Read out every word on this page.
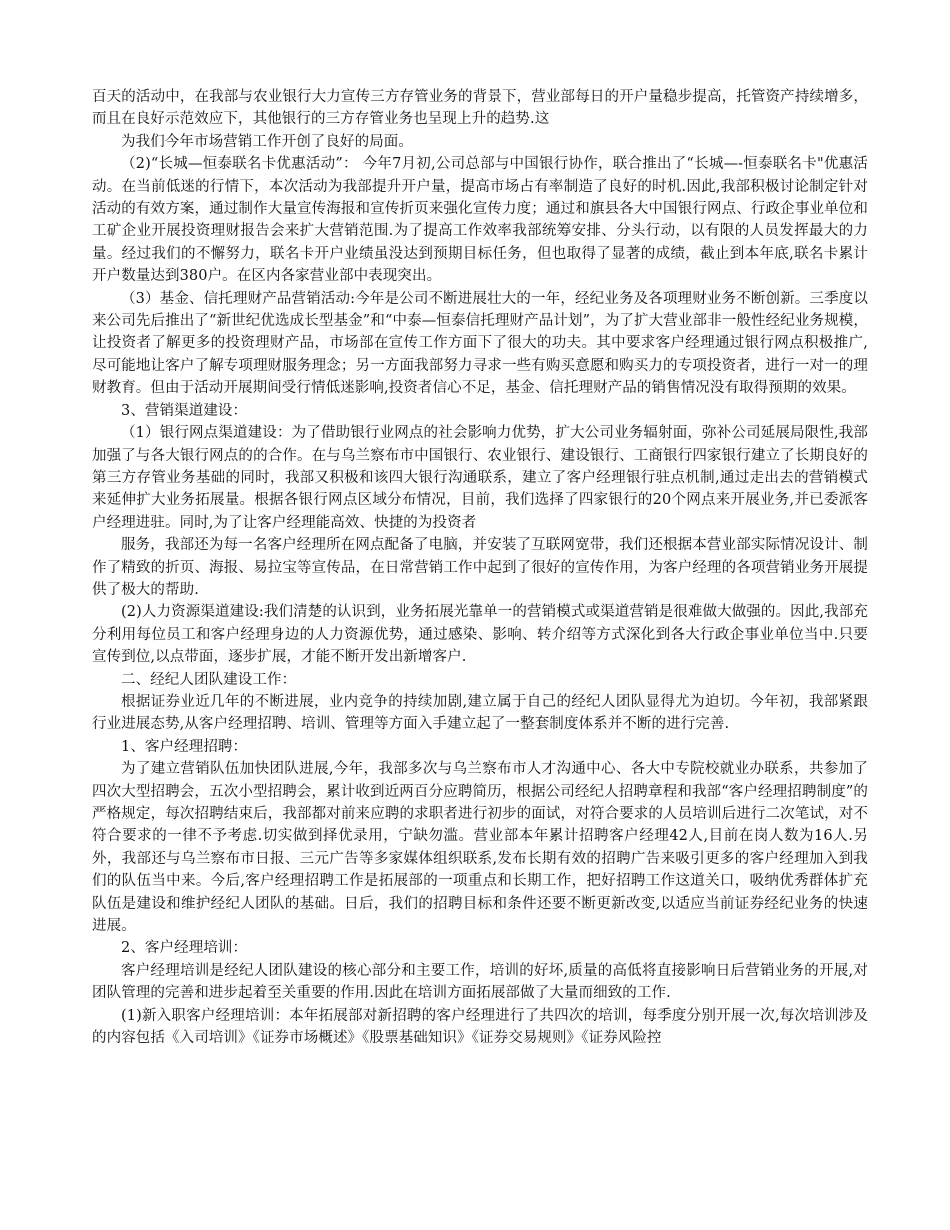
百天的活动中，在我部与农业银行大力宣传三方存管业务的背景下，营业部每日的开户量稳步提高，托管资产持续增多，而且在良好示范效应下，其他银行的三方存管业务也呈现上升的趋势.这

为我们今年市场营销工作开创了良好的局面。

（2)“长城—恒泰联名卡优惠活动”： 今年7月初,公司总部与中国银行协作，联合推出了“长城—-恒泰联名卡"优惠活动。在当前低迷的行情下，本次活动为我部提升开户量，提高市场占有率制造了良好的时机.因此,我部积极讨论制定针对活动的有效方案，通过制作大量宣传海报和宣传折页来强化宣传力度；通过和旗县各大中国银行网点、行政企事业单位和工矿企业开展投资理财报告会来扩大营销范围.为了提高工作效率我部统筹安排、分头行动，以有限的人员发挥最大的力量。经过我们的不懈努力，联名卡开户业绩虽没达到预期目标任务，但也取得了显著的成绩，截止到本年底,联名卡累计开户数量达到380户。在区内各家营业部中表现突出。

（3）基金、信托理财产品营销活动:今年是公司不断进展壮大的一年，经纪业务及各项理财业务不断创新。三季度以来公司先后推出了“新世纪优选成长型基金”和“中泰—恒泰信托理财产品计划”，为了扩大营业部非一般性经纪业务规模，让投资者了解更多的投资理财产品，市场部在宣传工作方面下了很大的功夫。其中要求客户经理通过银行网点积极推广,尽可能地让客户了解专项理财服务理念；另一方面我部努力寻求一些有购买意愿和购买力的专项投资者，进行一对一的理财教育。但由于活动开展期间受行情低迷影响,投资者信心不足，基金、信托理财产品的销售情况没有取得预期的效果。

3、营销渠道建设：

（1）银行网点渠道建设：为了借助银行业网点的社会影响力优势，扩大公司业务辐射面，弥补公司延展局限性,我部加强了与各大银行网点的的合作。在与乌兰察布市中国银行、农业银行、建设银行、工商银行四家银行建立了长期良好的第三方存管业务基础的同时，我部又积极和该四大银行沟通联系，建立了客户经理银行驻点机制,通过走出去的营销模式来延伸扩大业务拓展量。根据各银行网点区域分布情况，目前，我们选择了四家银行的20个网点来开展业务,并已委派客户经理进驻。同时,为了让客户经理能高效、快捷的为投资者

服务，我部还为每一名客户经理所在网点配备了电脑，并安装了互联网宽带，我们还根据本营业部实际情况设计、制作了精致的折页、海报、易拉宝等宣传品，在日常营销工作中起到了很好的宣传作用，为客户经理的各项营销业务开展提供了极大的帮助.

(2)人力资源渠道建设:我们清楚的认识到，业务拓展光靠单一的营销模式或渠道营销是很难做大做强的。因此,我部充分利用每位员工和客户经理身边的人力资源优势，通过感染、影响、转介绍等方式深化到各大行政企事业单位当中.只要宣传到位,以点带面，逐步扩展，才能不断开发出新增客户.

二、经纪人团队建设工作：

根据证券业近几年的不断进展，业内竞争的持续加剧,建立属于自己的经纪人团队显得尤为迫切。今年初，我部紧跟行业进展态势,从客户经理招聘、培训、管理等方面入手建立起了一整套制度体系并不断的进行完善.

1、客户经理招聘：

为了建立营销队伍加快团队进展,今年，我部多次与乌兰察布市人才沟通中心、各大中专院校就业办联系，共参加了四次大型招聘会，五次小型招聘会，累计收到近两百分应聘简历，根据公司经纪人招聘章程和我部“客户经理招聘制度”的严格规定，每次招聘结束后，我部都对前来应聘的求职者进行初步的面试，对符合要求的人员培训后进行二次笔试，对不符合要求的一律不予考虑.切实做到择优录用，宁缺勿滥。营业部本年累计招聘客户经理42人,目前在岗人数为16人.另外，我部还与乌兰察布市日报、三元广告等多家媒体组织联系,发布长期有效的招聘广告来吸引更多的客户经理加入到我们的队伍当中来。今后,客户经理招聘工作是拓展部的一项重点和长期工作，把好招聘工作这道关口，吸纳优秀群体扩充队伍是建设和维护经纪人团队的基础。日后，我们的招聘目标和条件还要不断更新改变,以适应当前证券经纪业务的快速进展。

2、客户经理培训：

客户经理培训是经纪人团队建设的核心部分和主要工作，培训的好坏,质量的高低将直接影响日后营销业务的开展,对团队管理的完善和进步起着至关重要的作用.因此在培训方面拓展部做了大量而细致的工作.

(1)新入职客户经理培训：本年拓展部对新招聘的客户经理进行了共四次的培训，每季度分别开展一次,每次培训涉及的内容包括《入司培训》《证券市场概述》《股票基础知识》《证券交易规则》《证券风险控
